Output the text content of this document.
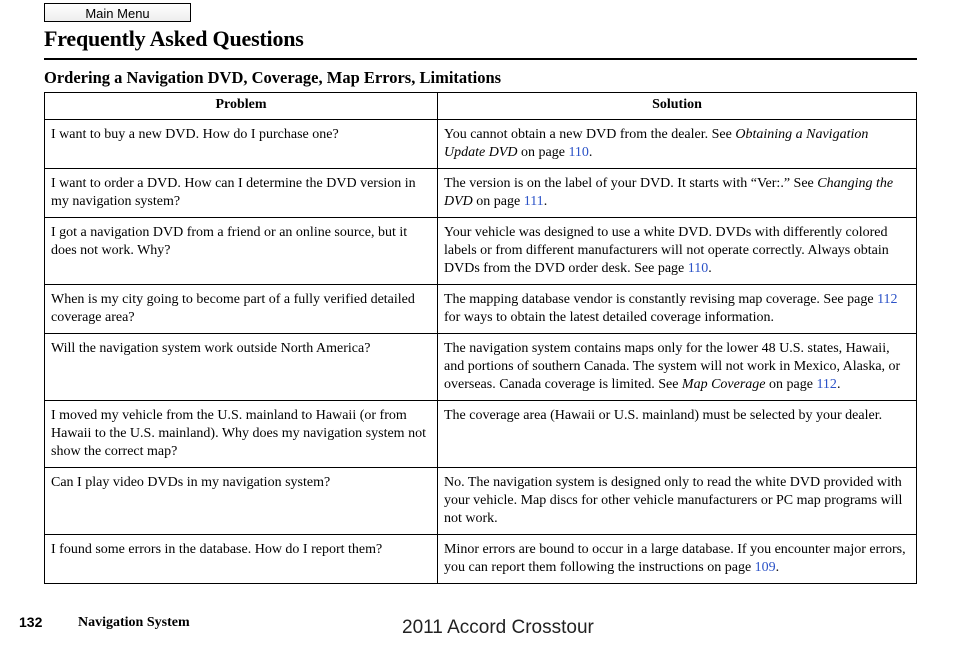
Main Menu
Frequently Asked Questions
Ordering a Navigation DVD, Coverage, Map Errors, Limitations
Problem	Solution
I want to buy a new DVD. How do I purchase one?	You cannot obtain a new DVD from the dealer. See Obtaining a Navigation Update DVD on page 110.
I want to order a DVD. How can I determine the DVD version in my navigation system?	The version is on the label of your DVD. It starts with “Ver:.” See Changing the DVD on page 111.
I got a navigation DVD from a friend or an online source, but it does not work. Why?	Your vehicle was designed to use a white DVD. DVDs with differently colored labels or from different manufacturers will not operate correctly. Always obtain DVDs from the DVD order desk. See page 110.
When is my city going to become part of a fully verified detailed coverage area?	The mapping database vendor is constantly revising map coverage. See page 112 for ways to obtain the latest detailed coverage information.
Will the navigation system work outside North America?	The navigation system contains maps only for the lower 48 U.S. states, Hawaii, and portions of southern Canada. The system will not work in Mexico, Alaska, or overseas. Canada coverage is limited. See Map Coverage on page 112.
I moved my vehicle from the U.S. mainland to Hawaii (or from Hawaii to the U.S. mainland). Why does my navigation system not show the correct map?	The coverage area (Hawaii or U.S. mainland) must be selected by your dealer.
Can I play video DVDs in my navigation system?	No. The navigation system is designed only to read the white DVD provided with your vehicle. Map discs for other vehicle manufacturers or PC map programs will not work.
I found some errors in the database. How do I report them?	Minor errors are bound to occur in a large database. If you encounter major errors, you can report them following the instructions on page 109.
132	Navigation System	2011 Accord Crosstour
